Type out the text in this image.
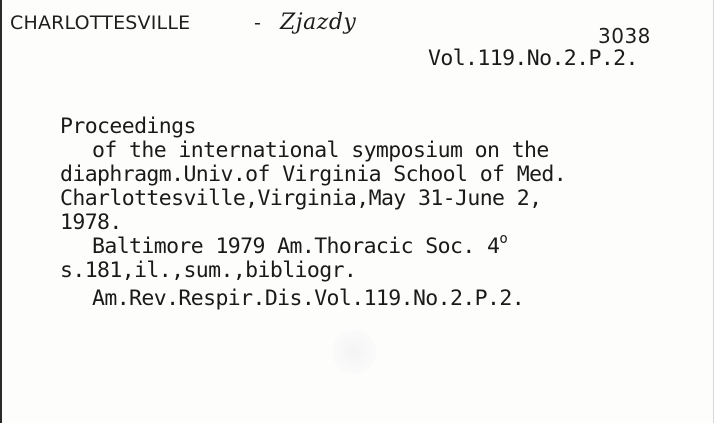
CHARLOTTESVILLE	- Zjazdy
3038
Vol.119.No.2.P.2.
Proceedings
of the international symposium on the
diaphragm.Univ.of Virginia School of Med.
Charlottesville,Virginia,May 31-June 2,
1978.
Baltimore 1979 Am.Thoracic Soc. 4$^o$
s.181,il.,sum.,bibliogr.
Am.Rev.Respir.Dis.Vol.119.No.2.P.2.
